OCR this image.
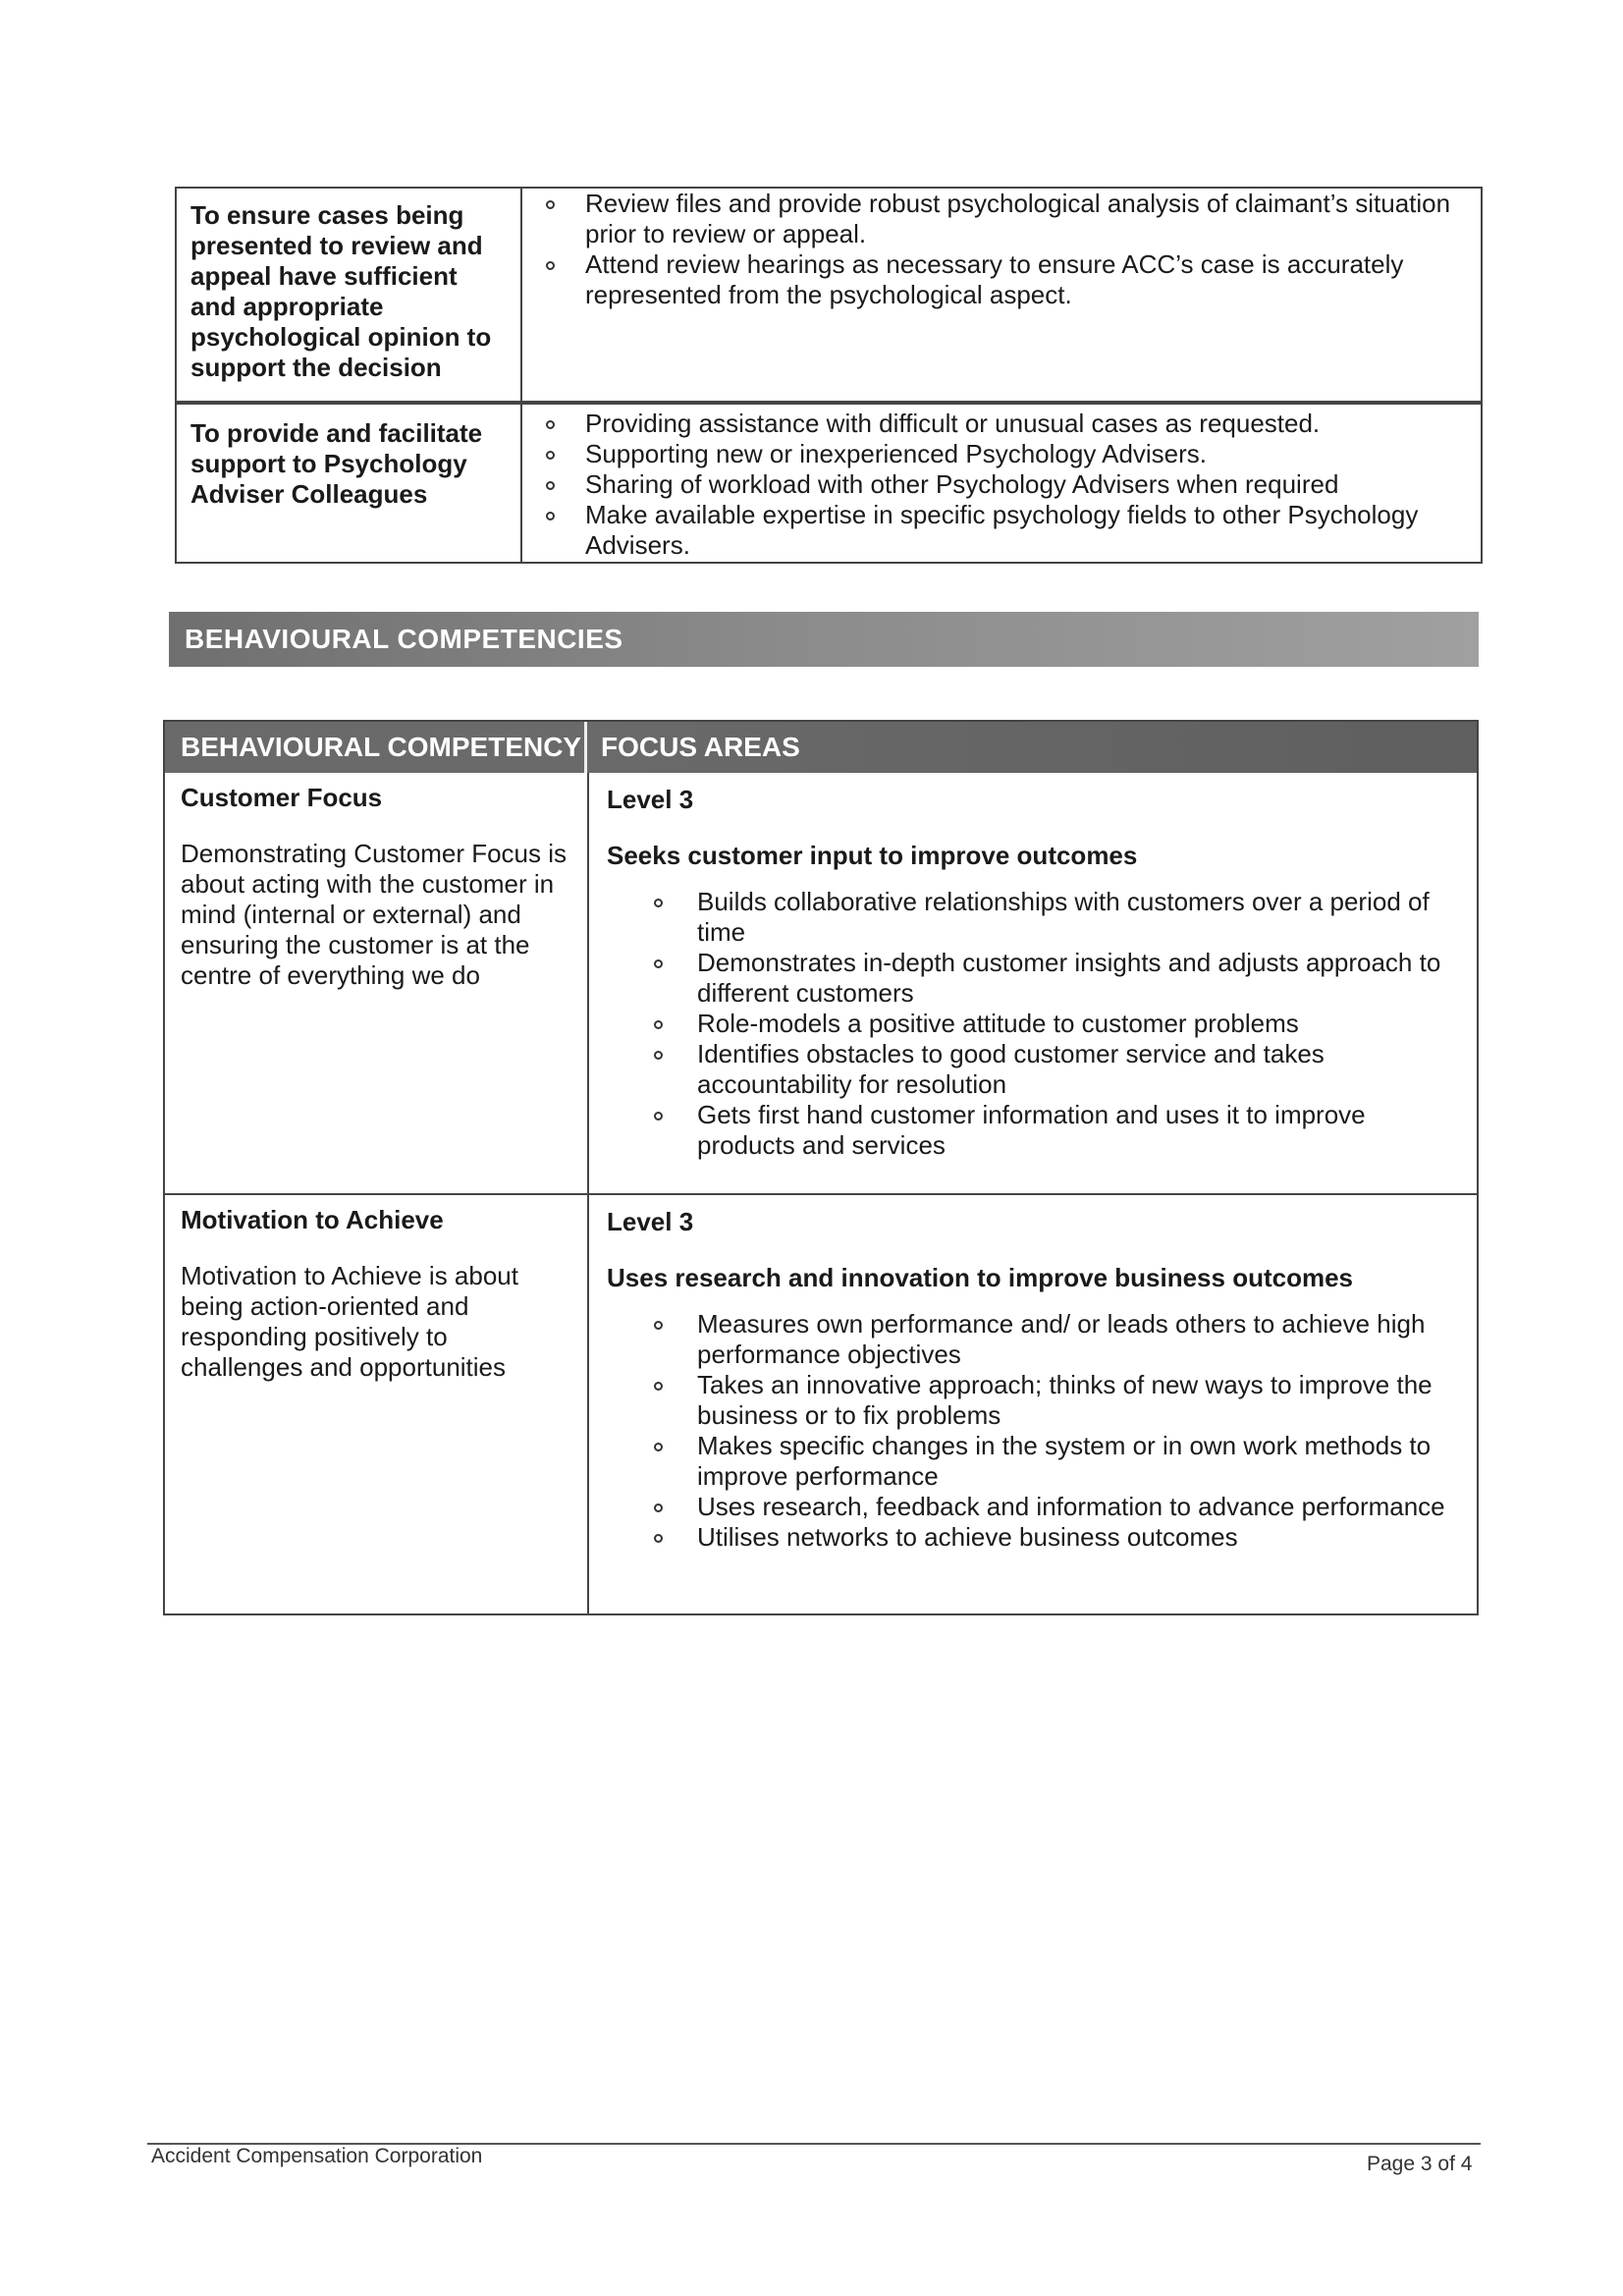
To ensure cases being presented to review and appeal have sufficient and appropriate psychological opinion to support the decision
Review files and provide robust psychological analysis of claimant’s situation prior to review or appeal.
Attend review hearings as necessary to ensure ACC’s case is accurately represented from the psychological aspect.
To provide and facilitate support to Psychology Adviser Colleagues
Providing assistance with difficult or unusual cases as requested.
Supporting new or inexperienced Psychology Advisers.
Sharing of workload with other Psychology Advisers when required
Make available expertise in specific psychology fields to other Psychology Advisers.
BEHAVIOURAL COMPETENCIES
BEHAVIOURAL COMPETENCY FOCUS AREAS
Customer Focus
Demonstrating Customer Focus is about acting with the customer in mind (internal or external) and ensuring the customer is at the centre of everything we do
Level 3
Seeks customer input to improve outcomes
Builds collaborative relationships with customers over a period of time
Demonstrates in-depth customer insights and adjusts approach to different customers
Role-models a positive attitude to customer problems
Identifies obstacles to good customer service and takes accountability for resolution
Gets first hand customer information and uses it to improve products and services
Motivation to Achieve
Motivation to Achieve is about being action-oriented and responding positively to challenges and opportunities
Level 3
Uses research and innovation to improve business outcomes
Measures own performance and/ or leads others to achieve high performance objectives
Takes an innovative approach; thinks of new ways to improve the business or to fix problems
Makes specific changes in the system or in own work methods to improve performance
Uses research, feedback and information to advance performance
Utilises networks to achieve business outcomes
Accident Compensation Corporation	Page 3 of 4
